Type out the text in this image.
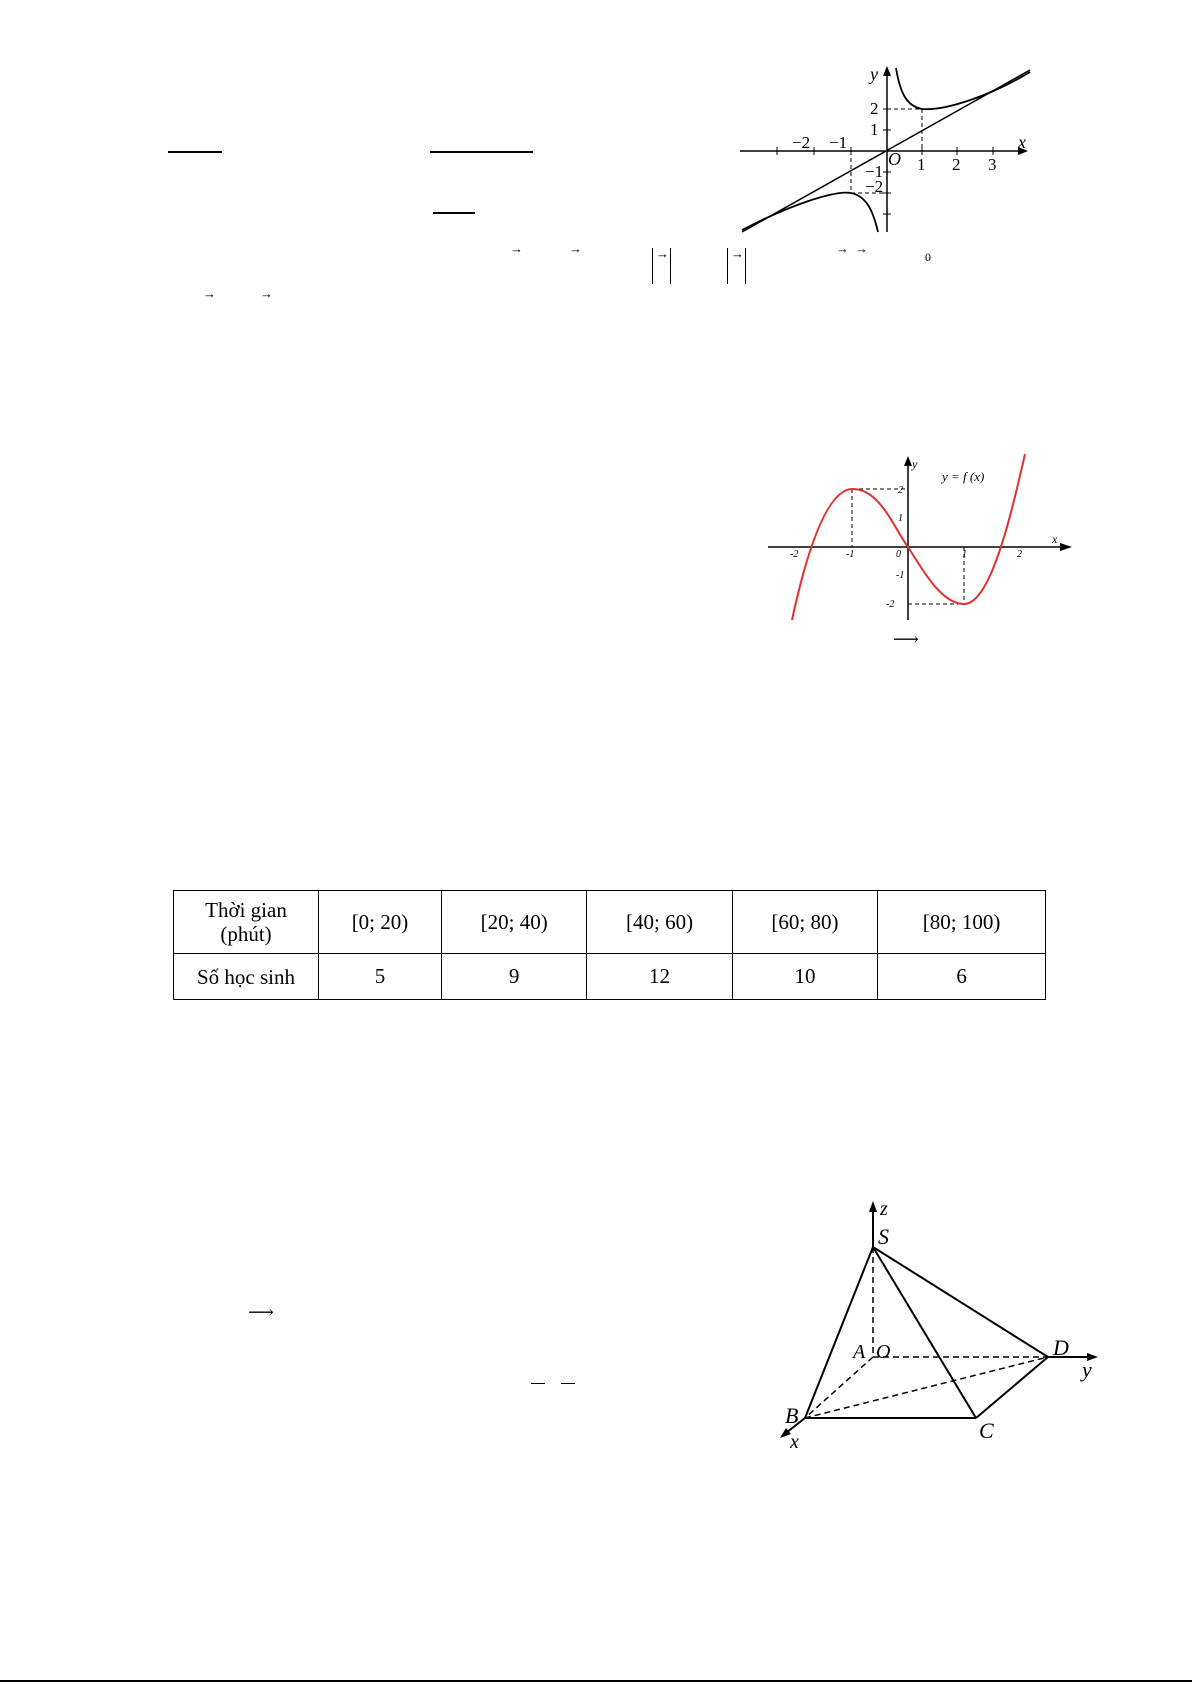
x
y
O
−2 −1
1 2 3
2
1
−1
−2
→	→	→	→	→ →
0
→	→
x
y
y = f (x)
-2	-1	0	1	2
2
1
-1
-2
⟶
Thời gian
(phút)	[0; 20)	[20; 40)	[40; 60)	[60; 80)	[80; 100)
Số học sinh	5	9	12	10	6
⟶
z
S
A O	D
y
B
x	C
